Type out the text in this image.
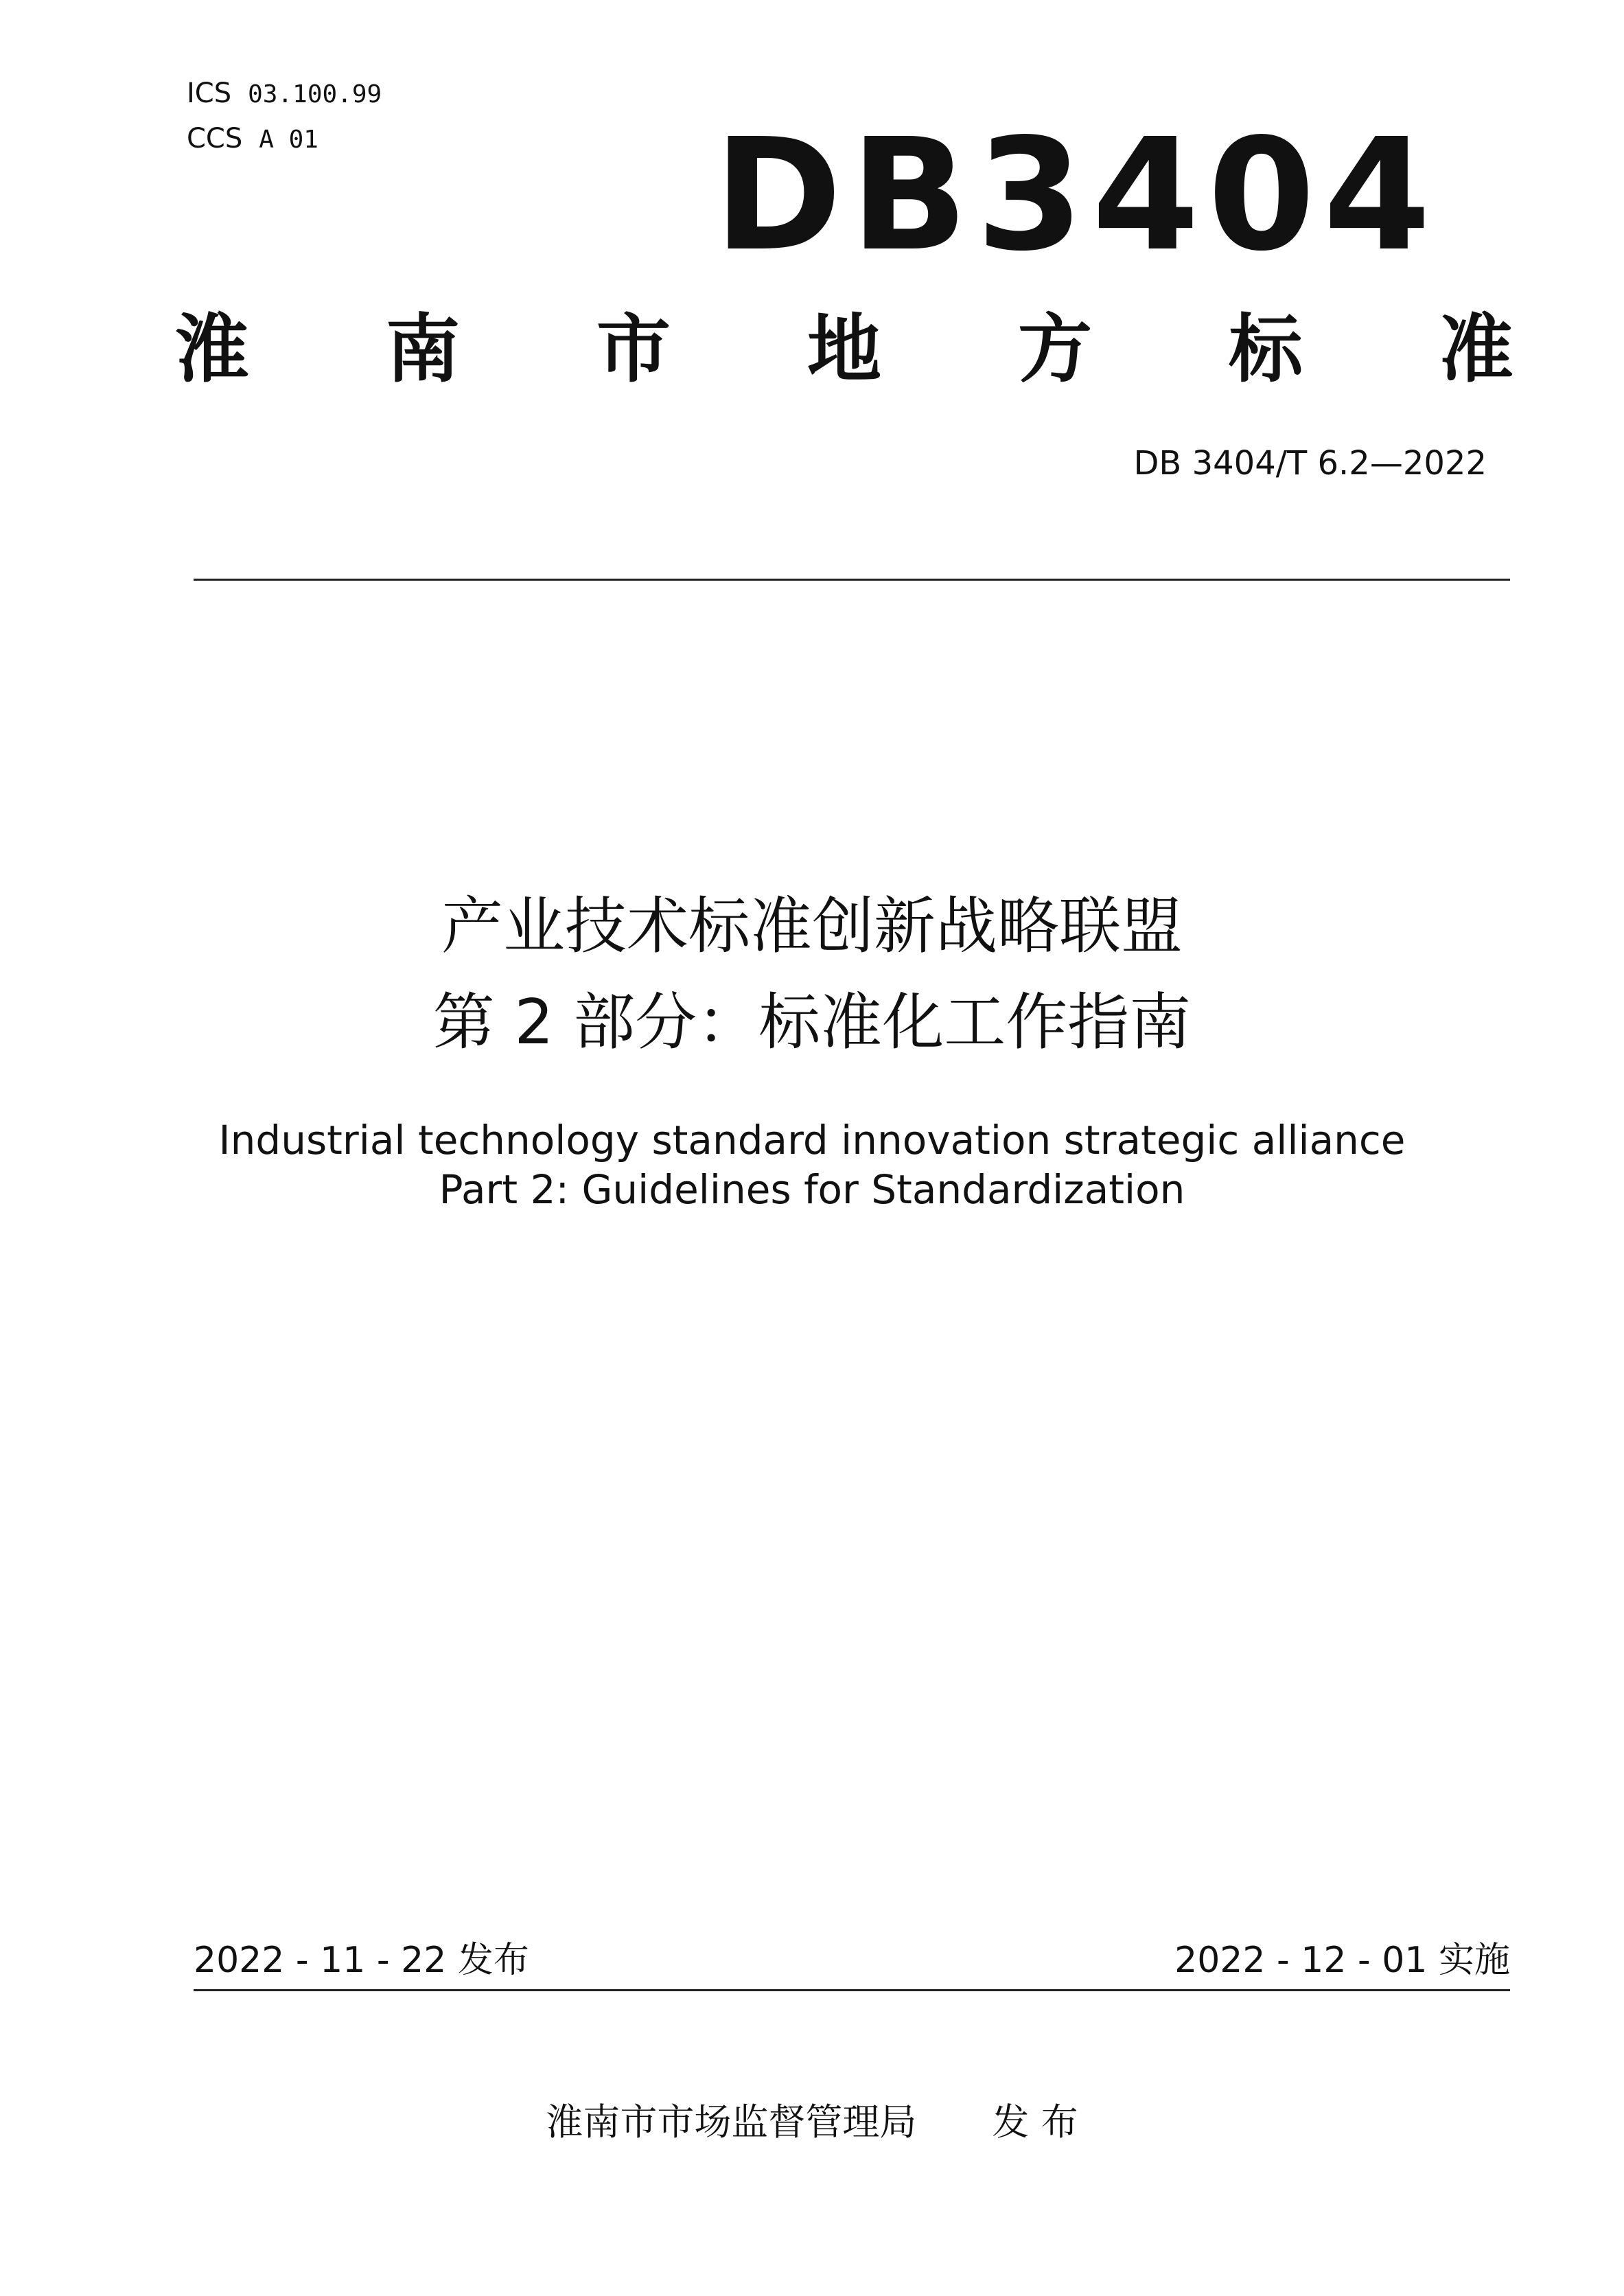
ICS 03.100.99
CCS A 01	DB3404
淮 南 市 地 方 标 准
DB 3404/T 6.2—2022
产业技术标准创新战略联盟
第 2 部分：标准化工作指南
Industrial technology standard innovation strategic alliance
Part 2: Guidelines for Standardization
2022 - 11 - 22 发布	2022 - 12 - 01 实施
淮南市市场监督管理局 发 布
